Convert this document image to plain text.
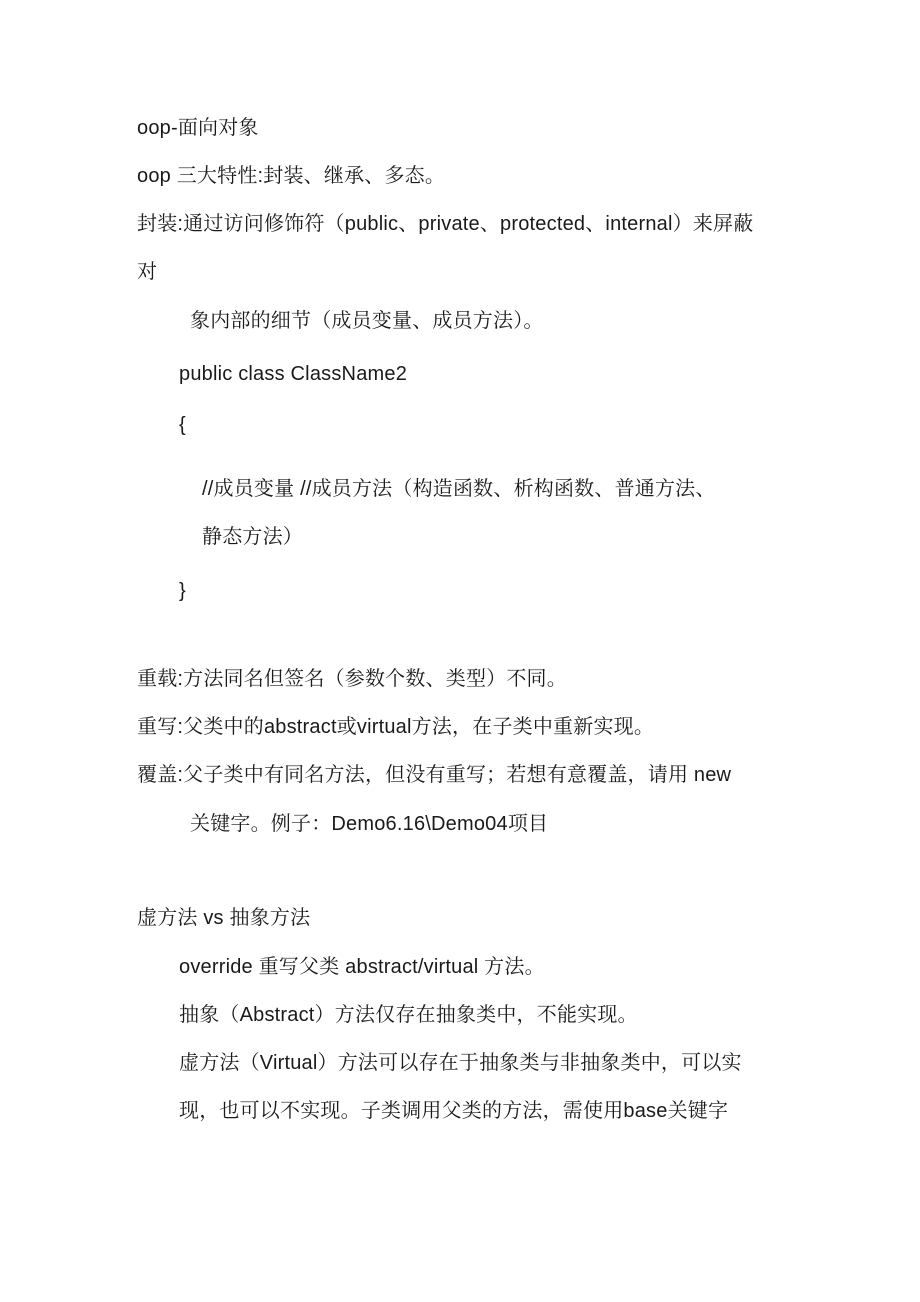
oop-面向对象
oop 三大特性:封装、继承、多态。
封装:通过访问修饰符（public、private、protected、internal）来屏蔽
对
象内部的细节（成员变量、成员方法）。
public class ClassName2
{
//成员变量 //成员方法（构造函数、析构函数、普通方法、
静态方法）
}
重载:方法同名但签名（参数个数、类型）不同。
重写:父类中的abstract或virtual方法，在子类中重新实现。
覆盖:父子类中有同名方法，但没有重写；若想有意覆盖，请用 new
关键字。例子：Demo6.16\Demo04项目
虚方法 vs 抽象方法
override 重写父类 abstract/virtual 方法。
抽象（Abstract）方法仅存在抽象类中，不能实现。
虚方法（Virtual）方法可以存在于抽象类与非抽象类中，可以实
现，也可以不实现。子类调用父类的方法，需使用base关键字
